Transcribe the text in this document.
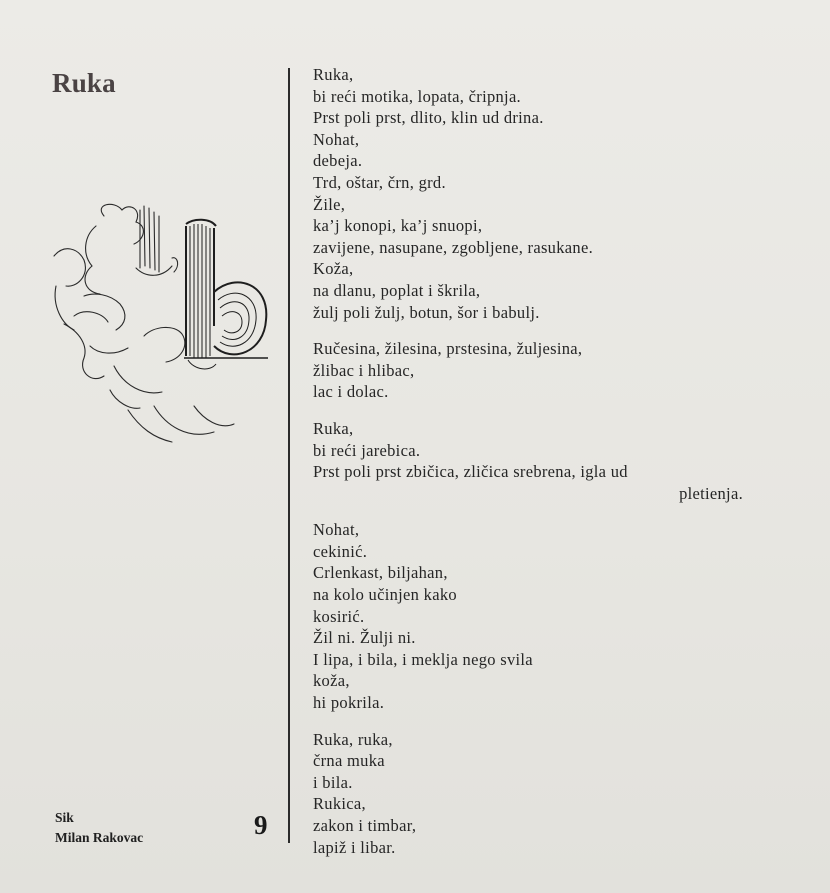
Ruka
b
Ruka,
bi reći motika, lopata, čripnja.
Prst poli prst, dlito, klin ud drina.
Nohat,
debeja.
Trd, oštar, črn, grd.
Žile,
ka’j konopi, ka’j snuopi,
zavijene, nasupane, zgobljene, rasukane.
Koža,
na dlanu, poplat i škrila,
žulj poli žulj, botun, šor i babulj.
Ručesina, žilesina, prstesina, žuljesina,
žlibac i hlibac,
lac i dolac.
Ruka,
bi reći jarebica.
Prst poli prst zbičica, zličica srebrena, igla ud
pletienja.
Nohat,
cekinić.
Crlenkast, biljahan,
na kolo učinjen kako
kosirić.
Žil ni. Žulji ni.
I lipa, i bila, i meklja nego svila
koža,
hi pokrila.
Ruka, ruka,
črna muka
i bila.
Rukica,
zakon i timbar,
lapiž i libar.
Sik
Milan Rakovac	9
